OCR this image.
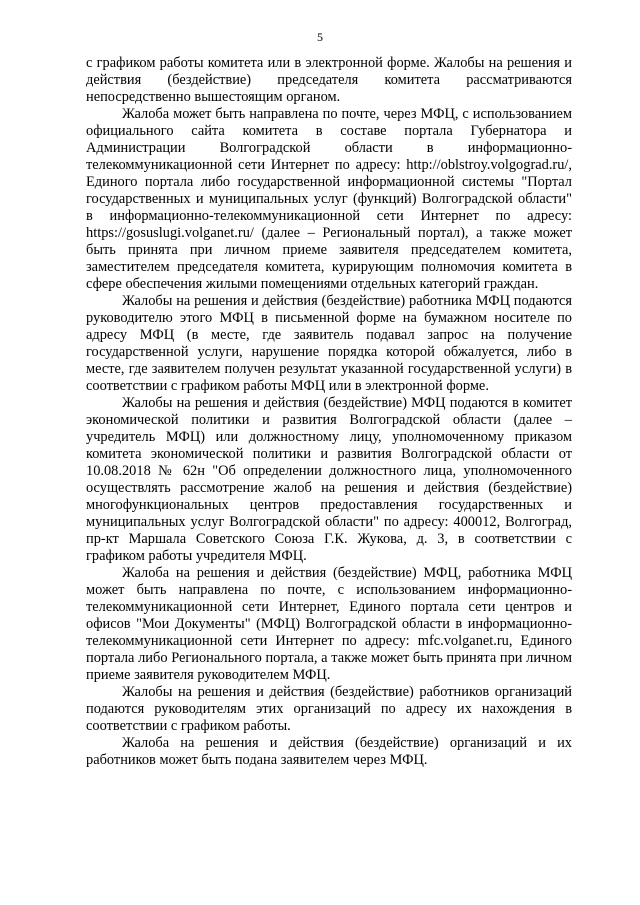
5

с графиком работы комитета или в электронной форме. Жалобы на решения и действия (бездействие) председателя комитета рассматриваются непосредственно вышестоящим органом.

Жалоба может быть направлена по почте, через МФЦ, с использованием официального сайта комитета в составе портала Губернатора и Администрации Волгоградской области в информационно-телекоммуникационной сети Интернет по адресу: http://oblstroy.volgograd.ru/, Единого портала либо государственной информационной системы "Портал государственных и муниципальных услуг (функций) Волгоградской области" в информационно-телекоммуникационной сети Интернет по адресу: https://gosuslugi.volganet.ru/ (далее – Региональный портал), а также может быть принята при личном приеме заявителя председателем комитета, заместителем председателя комитета, курирующим полномочия комитета в сфере обеспечения жилыми помещениями отдельных категорий граждан.

Жалобы на решения и действия (бездействие) работника МФЦ подаются руководителю этого МФЦ в письменной форме на бумажном носителе по адресу МФЦ (в месте, где заявитель подавал запрос на получение государственной услуги, нарушение порядка которой обжалуется, либо в месте, где заявителем получен результат указанной государственной услуги) в соответствии с графиком работы МФЦ или в электронной форме.

Жалобы на решения и действия (бездействие) МФЦ подаются в комитет экономической политики и развития Волгоградской области (далее – учредитель МФЦ) или должностному лицу, уполномоченному приказом комитета экономической политики и развития Волгоградской области от 10.08.2018 № 62н "Об определении должностного лица, уполномоченного осуществлять рассмотрение жалоб на решения и действия (бездействие) многофункциональных центров предоставления государственных и муниципальных услуг Волгоградской области" по адресу: 400012, Волгоград, пр-кт Маршала Советского Союза Г.К. Жукова, д. 3, в соответствии с графиком работы учредителя МФЦ.

Жалоба на решения и действия (бездействие) МФЦ, работника МФЦ может быть направлена по почте, с использованием информационно-телекоммуникационной сети Интернет, Единого портала сети центров и офисов "Мои Документы" (МФЦ) Волгоградской области в информационно-телекоммуникационной сети Интернет по адресу: mfc.volganet.ru, Единого портала либо Регионального портала, а также может быть принята при личном приеме заявителя руководителем МФЦ.

Жалобы на решения и действия (бездействие) работников организаций подаются руководителям этих организаций по адресу их нахождения в соответствии с графиком работы.

Жалоба на решения и действия (бездействие) организаций и их работников может быть подана заявителем через МФЦ.
